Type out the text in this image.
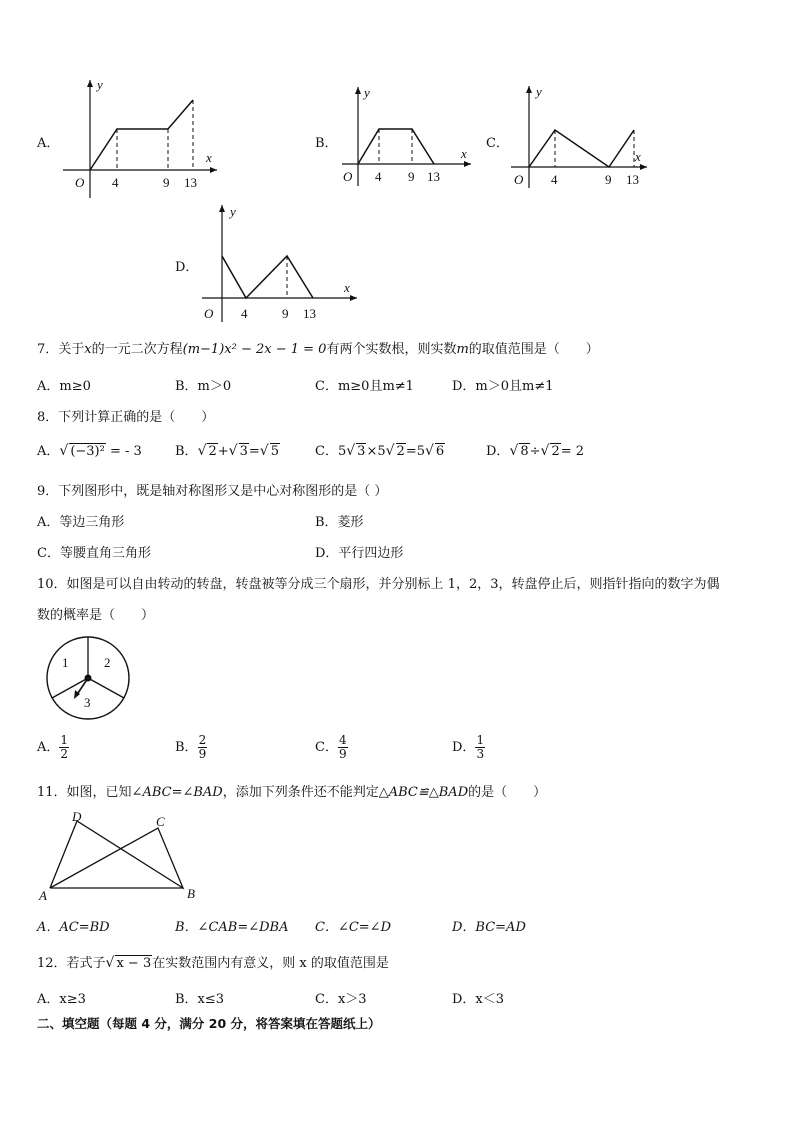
A．
y
x
O 4	9 13
B．
y
x
O 4 9 13
C．
y
x
O 4	9 13
D．
y
x
O 4	9 13
7．关于x的一元二次方程(m−1)x² − 2x − 1 = 0有两个实数根，则实数m的取值范围是（　　）
A．m≥0	B．m＞0	C．m≥0且m≠1	D．m＞0且m≠1
8．下列计算正确的是（　　）
A．√ (−3)² = - 3	B．√ 2+√ 3=√ 5	C．5√ 3×5√ 2=5√ 6	D．√ 8÷√ 2= 2
9．下列图形中，既是轴对称图形又是中心对称图形的是（ ）
A．等边三角形	B．菱形
C．等腰直角三角形	D．平行四边形
10．如图是可以自由转动的转盘，转盘被等分成三个扇形，并分别标上 1，2，3，转盘停止后，则指针指向的数字为偶
数的概率是（　　）
1	2
3
A． $\frac{1}{2}$	B． $\frac{2}{9}$	C． $\frac{4}{9}$	D． $\frac{1}{3}$
11．如图，已知∠ABC=∠BAD，添加下列条件还不能判定△ABC≌△BAD的是（　　）
D	C
A	B
A．AC=BD	B．∠CAB=∠DBA C．∠C=∠D	D．BC=AD
12．若式子√ x − 3在实数范围内有意义，则 x 的取值范围是
A．x≥3	B．x≤3	C．x＞3	D．x＜3
二、填空题（每题 4 分，满分 20 分，将答案填在答题纸上）
